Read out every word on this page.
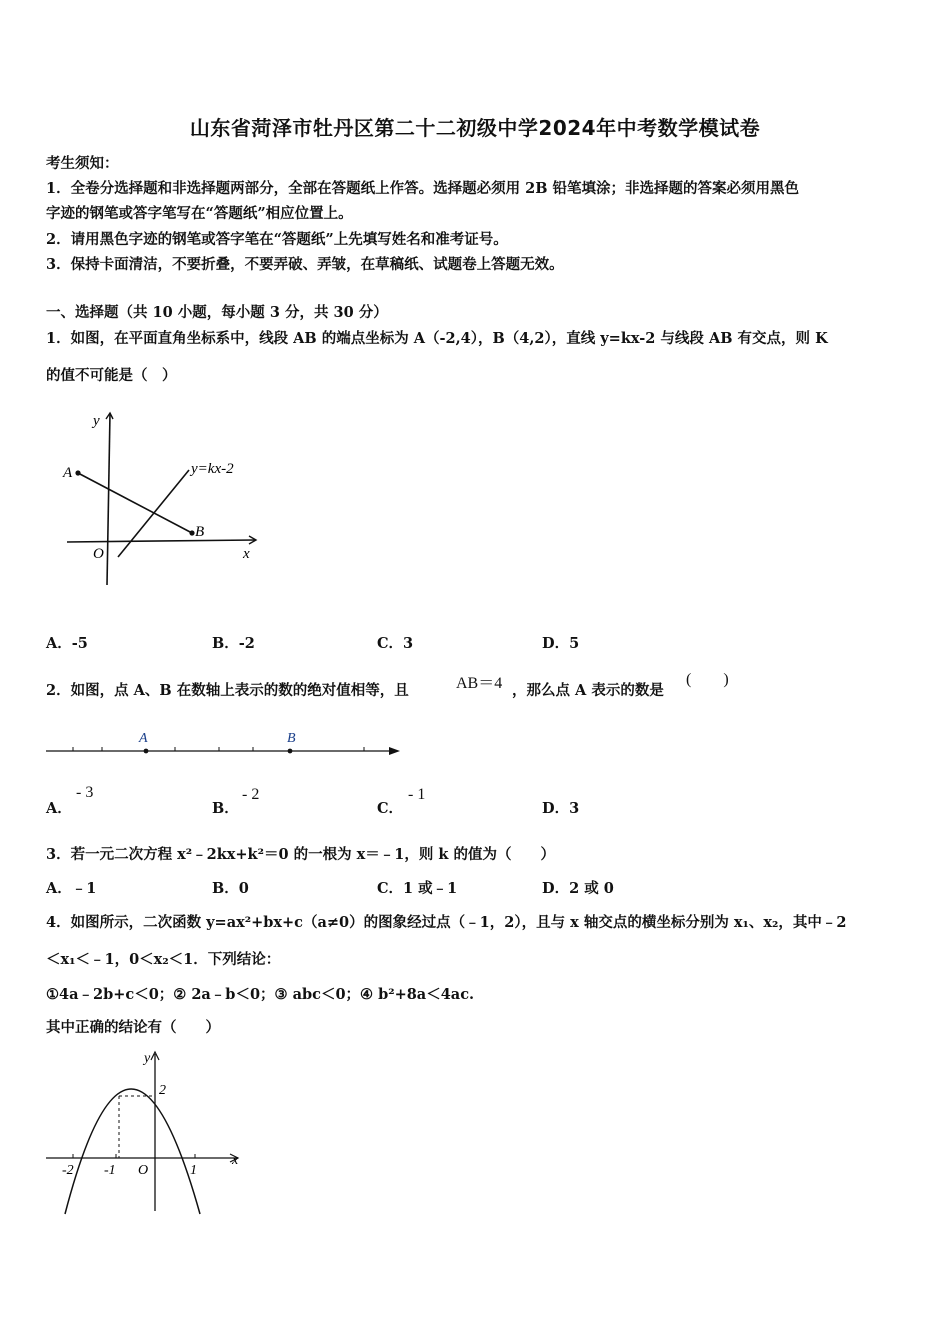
山东省菏泽市牡丹区第二十二初级中学2024年中考数学模试卷
考生须知：
1．全卷分选择题和非选择题两部分，全部在答题纸上作答。选择题必须用 2B 铅笔填涂；非选择题的答案必须用黑色
字迹的钢笔或答字笔写在“答题纸”相应位置上。
2．请用黑色字迹的钢笔或答字笔在“答题纸”上先填写姓名和准考证号。
3．保持卡面清洁，不要折叠，不要弄破、弄皱，在草稿纸、试题卷上答题无效。
一、选择题（共 10 小题，每小题 3 分，共 30 分）
1．如图，在平面直角坐标系中，线段 AB 的端点坐标为 A（-2,4），B（4,2），直线 y=kx-2 与线段 AB 有交点，则 K
的值不可能是（　）
y
x
O
A
B
y=kx-2
A．-5	B．-2	C．3	D．5
2．如图，点 A、B 在数轴上表示的数的绝对值相等，且	AB＝4 ，那么点 A 表示的数是
(　　)
A	B
A．
- 3
B．
- 2
C．
- 1
D．3
3．若一元二次方程 x²﹣2kx+k²＝0 的一根为 x＝﹣1，则 k 的值为（　　）
A．﹣1	B．0	C．1 或﹣1	D．2 或 0
4．如图所示，二次函数 y=ax²+bx+c（a≠0）的图象经过点（﹣1，2），且与 x 轴交点的横坐标分别为 x₁、x₂，其中﹣2
＜x₁＜﹣1，0＜x₂＜1．下列结论：
①4a﹣2b+c＜0；② 2a﹣b＜0；③ abc＜0；④ b²+8a＜4ac.
其中正确的结论有（　　）
y
x
O
-2 -1	1
2
